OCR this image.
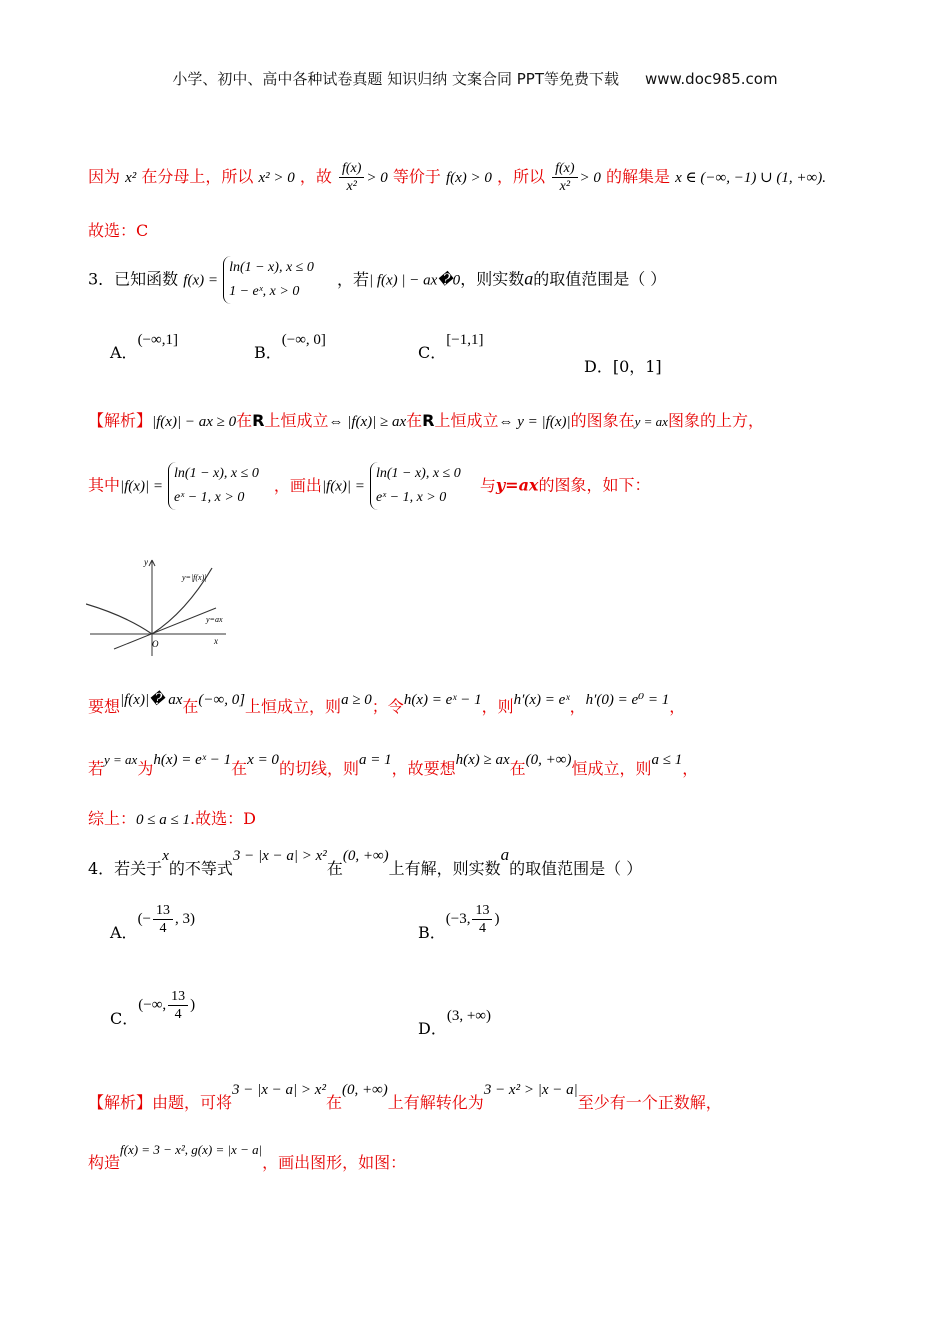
小学、初中、高中各种试卷真题 知识归纳 文案合同 PPT等免费下载 www.doc985.com
因为 x² 在分母上，所以 x² > 0 ，故 $\frac{f(x)}{\text{x²}} > 0$ 等价于 f(x) > 0 ，所以 $\frac{f(x)}{\text{x²}} > 0$ 的解集是 x ∈ (−∞, −1) ∪ (1, +∞).
故选：C
3．已知函数 f(x) = ln(1 − x), x ≤ 0
1 − eˣ, x > 0 ，若| f(x) | − ax�0，则实数a的取值范围是（ ）
A．(−∞,1]
B．(−∞, 0]
C．[−1,1]
D．[0，1]
【解析】|f(x)| − ax ≥ 0在R上恒成立⇔ |f(x)| ≥ ax在R上恒成立⇔ y = |f(x)|的图象在y = ax图象的上方，
其中|f(x)| = ln(1 − x), x ≤ 0
eˣ − 1, x > 0 ，画出|f(x)| = ln(1 − x), x ≤ 0
eˣ − 1, x > 0 与y=ax的图象，如下：
y
x
O
y=|f(x)|
y=ax
要想|f(x)|� ax在(−∞, 0]上恒成立，则a ≥ 0；令h(x) = eˣ − 1，则h′(x) = eˣ，h′(0) = e⁰ = 1，
若y = ax为h(x) = eˣ − 1在x = 0的切线，则a = 1，故要想h(x) ≥ ax在(0, +∞)恒成立，则a ≤ 1，
综上：0 ≤ a ≤ 1.故选：D
4．若关于x的不等式3 − |x − a| > x²在(0, +∞)上有解，则实数a的取值范围是（ ）
A．(− $\frac{13}{4}$ , 3)
B．(−3, $\frac{13}{4}$ )
C．(−∞, $\frac{13}{4}$ )
D．(3, +∞)
【解析】由题，可将3 − |x − a| > x²在(0, +∞)上有解转化为3 − x² > |x − a|至少有一个正数解，
构造f(x) = 3 − x², g(x) = |x − a|，画出图形，如图：
